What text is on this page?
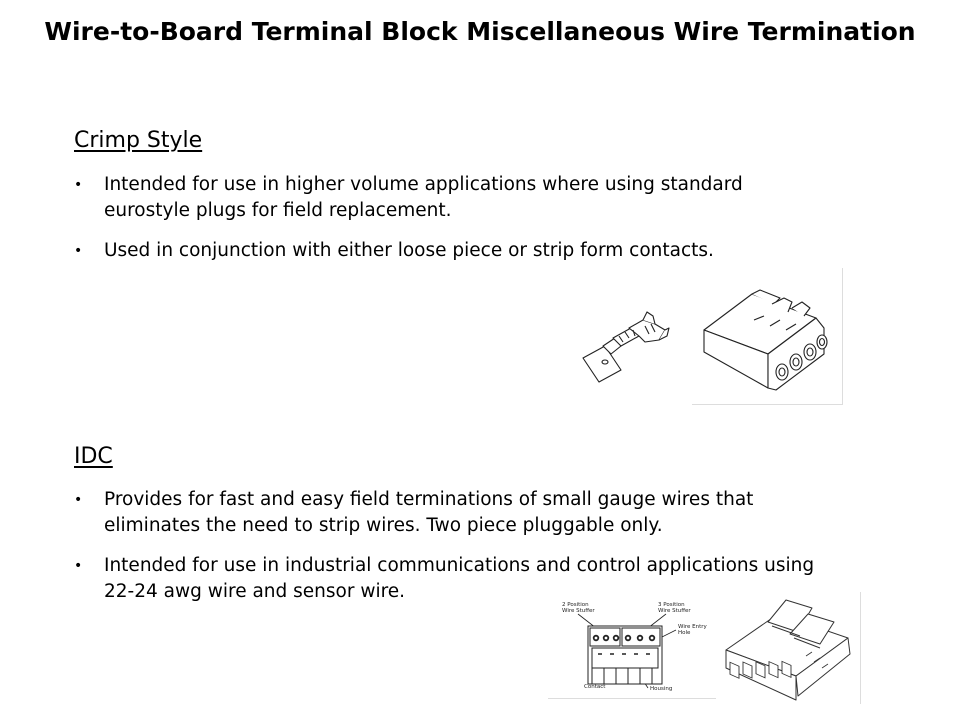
Wire-to-Board Terminal Block Miscellaneous Wire Termination
Crimp Style
• Intended for use in higher volume applications where using standard
eurostyle plugs for field replacement.
• Used in conjunction with either loose piece or strip form contacts.
IDC
• Provides for fast and easy field terminations of small gauge wires that
eliminates the need to strip wires. Two piece pluggable only.
• Intended for use in industrial communications and control applications using
22-24 awg wire and sensor wire.
2 Position Wire Stuffer
3 Position Wire Stuffer
Wire Entry Hole
Contact	Housing
